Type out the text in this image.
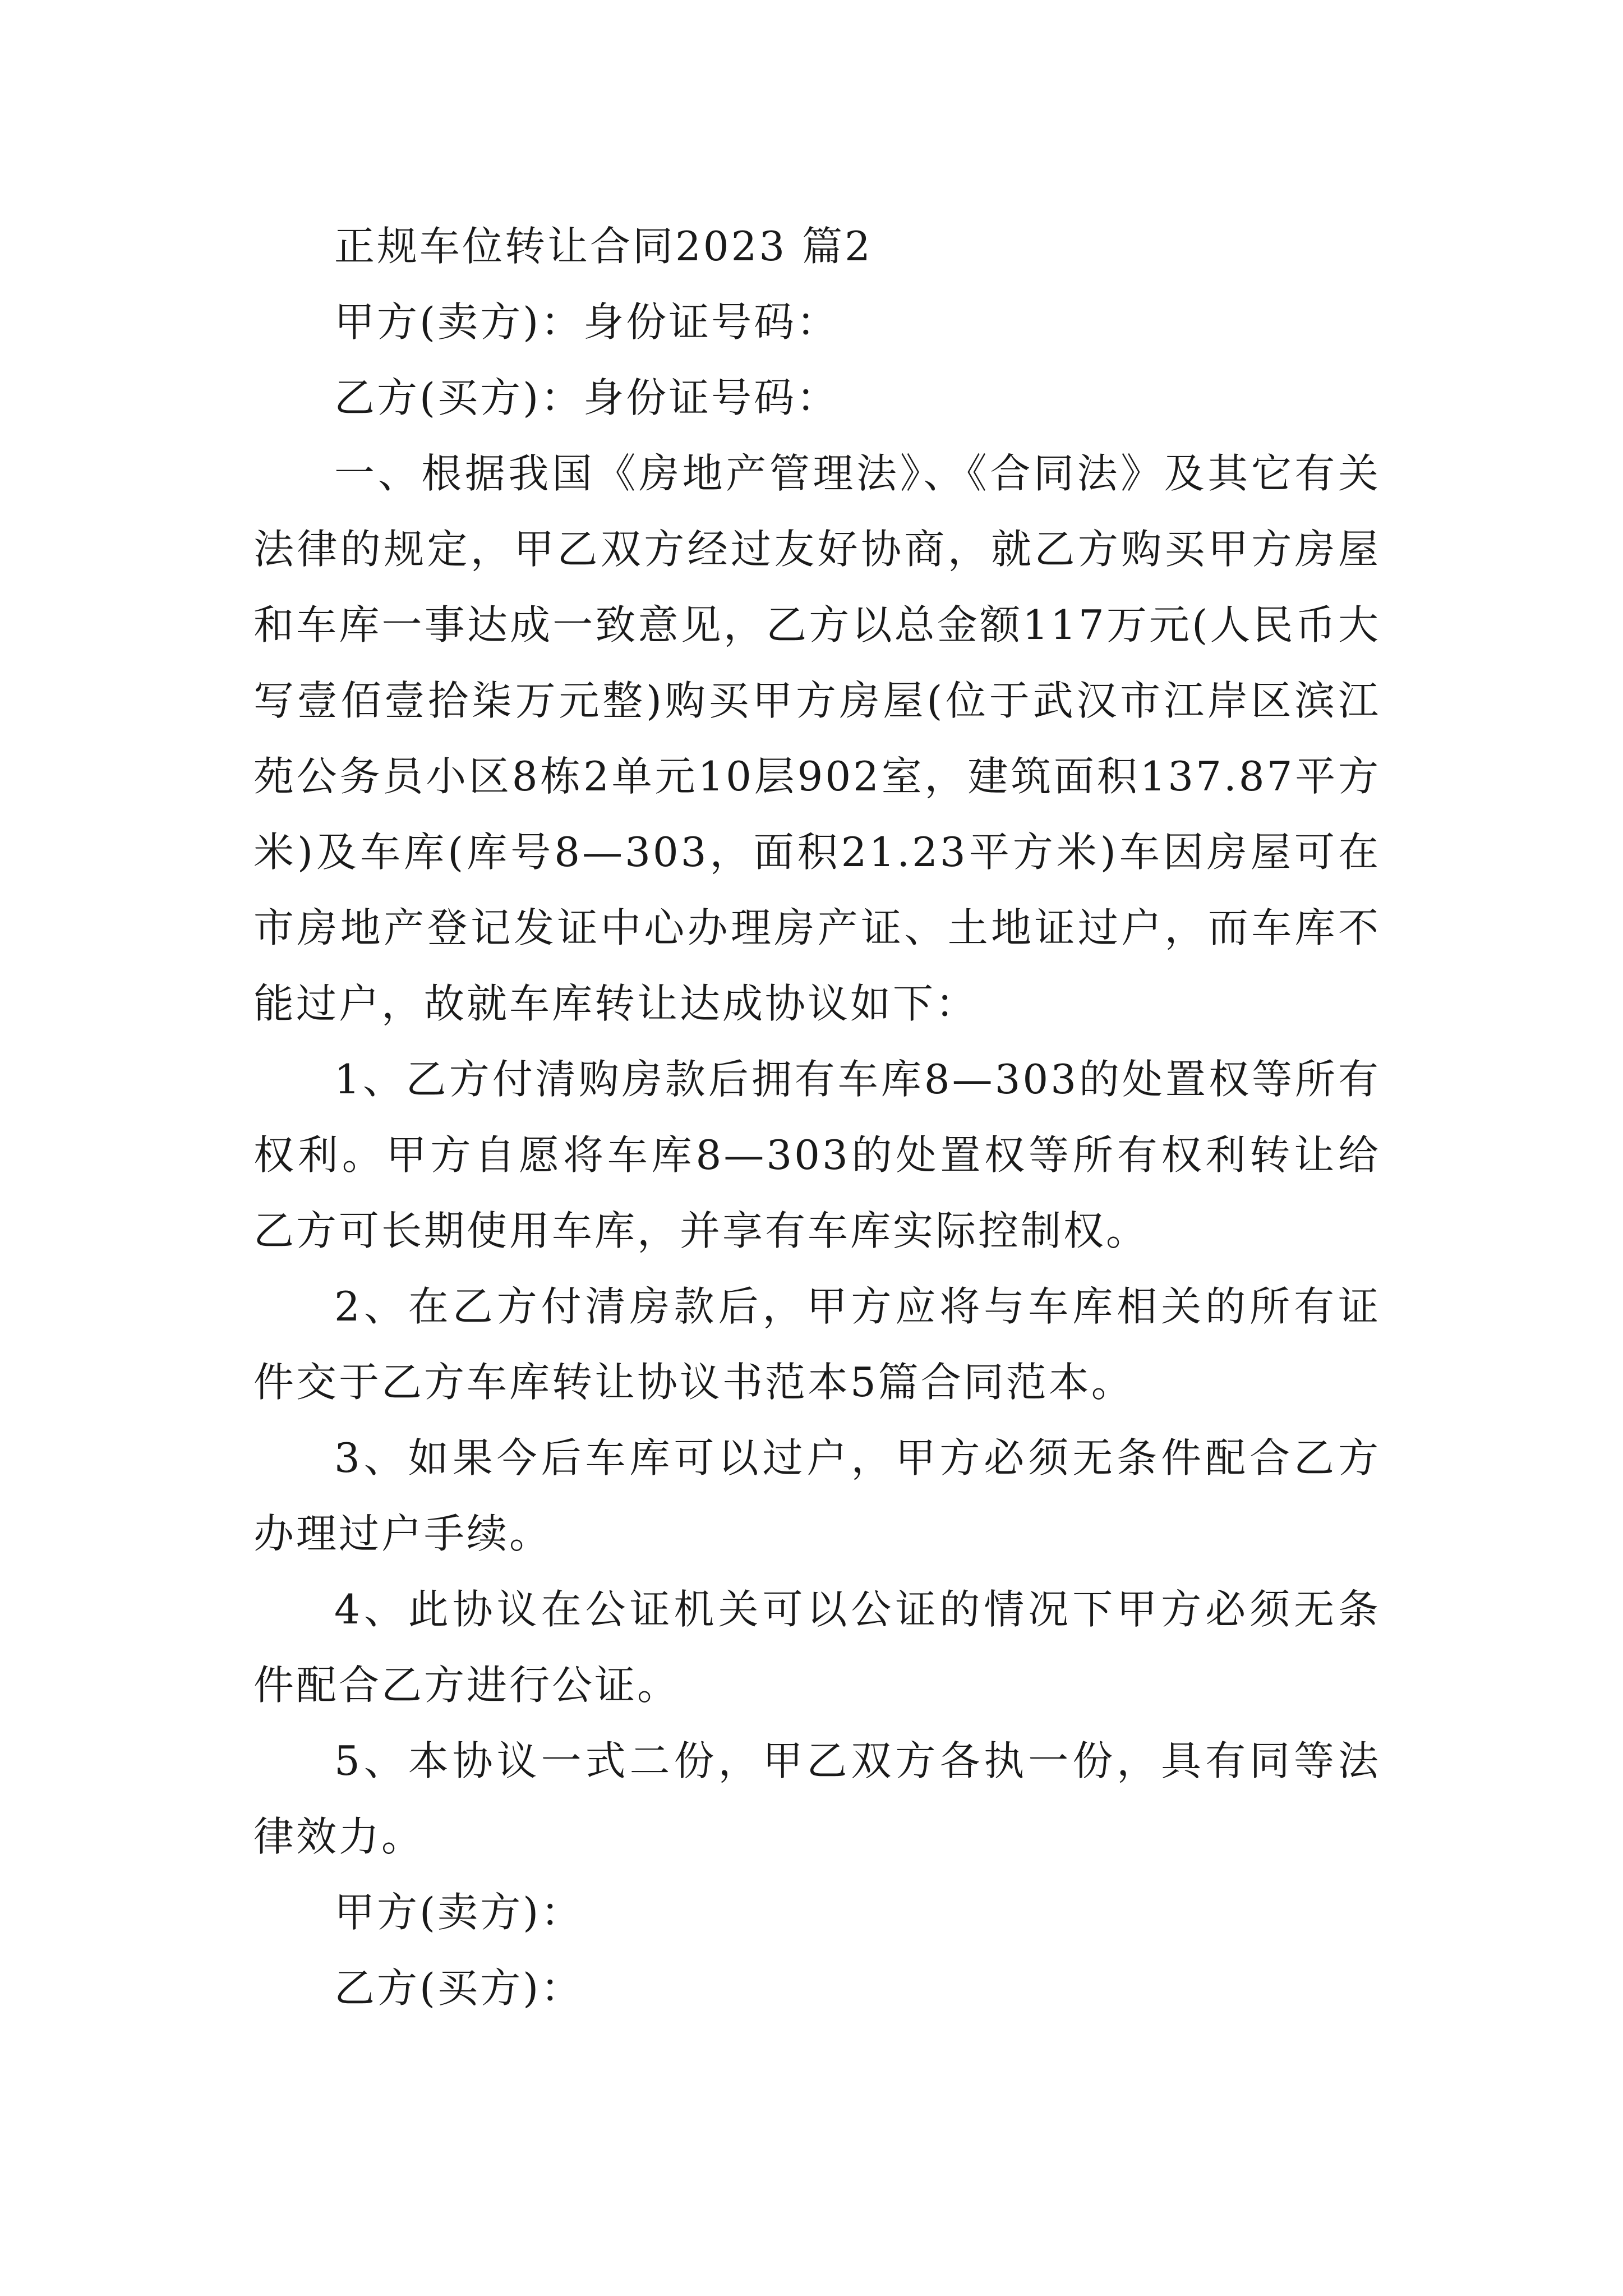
正规车位转让合同2023 篇2

甲方(卖方)：身份证号码：

乙方(买方)：身份证号码：

一、根据我国《房地产管理法》、《合同法》及其它有关法律的规定，甲乙双方经过友好协商，就乙方购买甲方房屋和车库一事达成一致意见，乙方以总金额117万元(人民币大写壹佰壹拾柒万元整)购买甲方房屋(位于武汉市江岸区滨江苑公务员小区8栋2单元10层902室，建筑面积137.87平方米)及车库(库号8—303，面积21.23平方米)车因房屋可在市房地产登记发证中心办理房产证、土地证过户，而车库不能过户，故就车库转让达成协议如下：

1、乙方付清购房款后拥有车库8—303的处置权等所有权利。甲方自愿将车库8—303的处置权等所有权利转让给乙方可长期使用车库，并享有车库实际控制权。

2、在乙方付清房款后，甲方应将与车库相关的所有证件交于乙方车库转让协议书范本5篇合同范本。

3、如果今后车库可以过户，甲方必须无条件配合乙方办理过户手续。

4、此协议在公证机关可以公证的情况下甲方必须无条件配合乙方进行公证。

5、本协议一式二份，甲乙双方各执一份，具有同等法律效力。

甲方(卖方)：

乙方(买方)：
